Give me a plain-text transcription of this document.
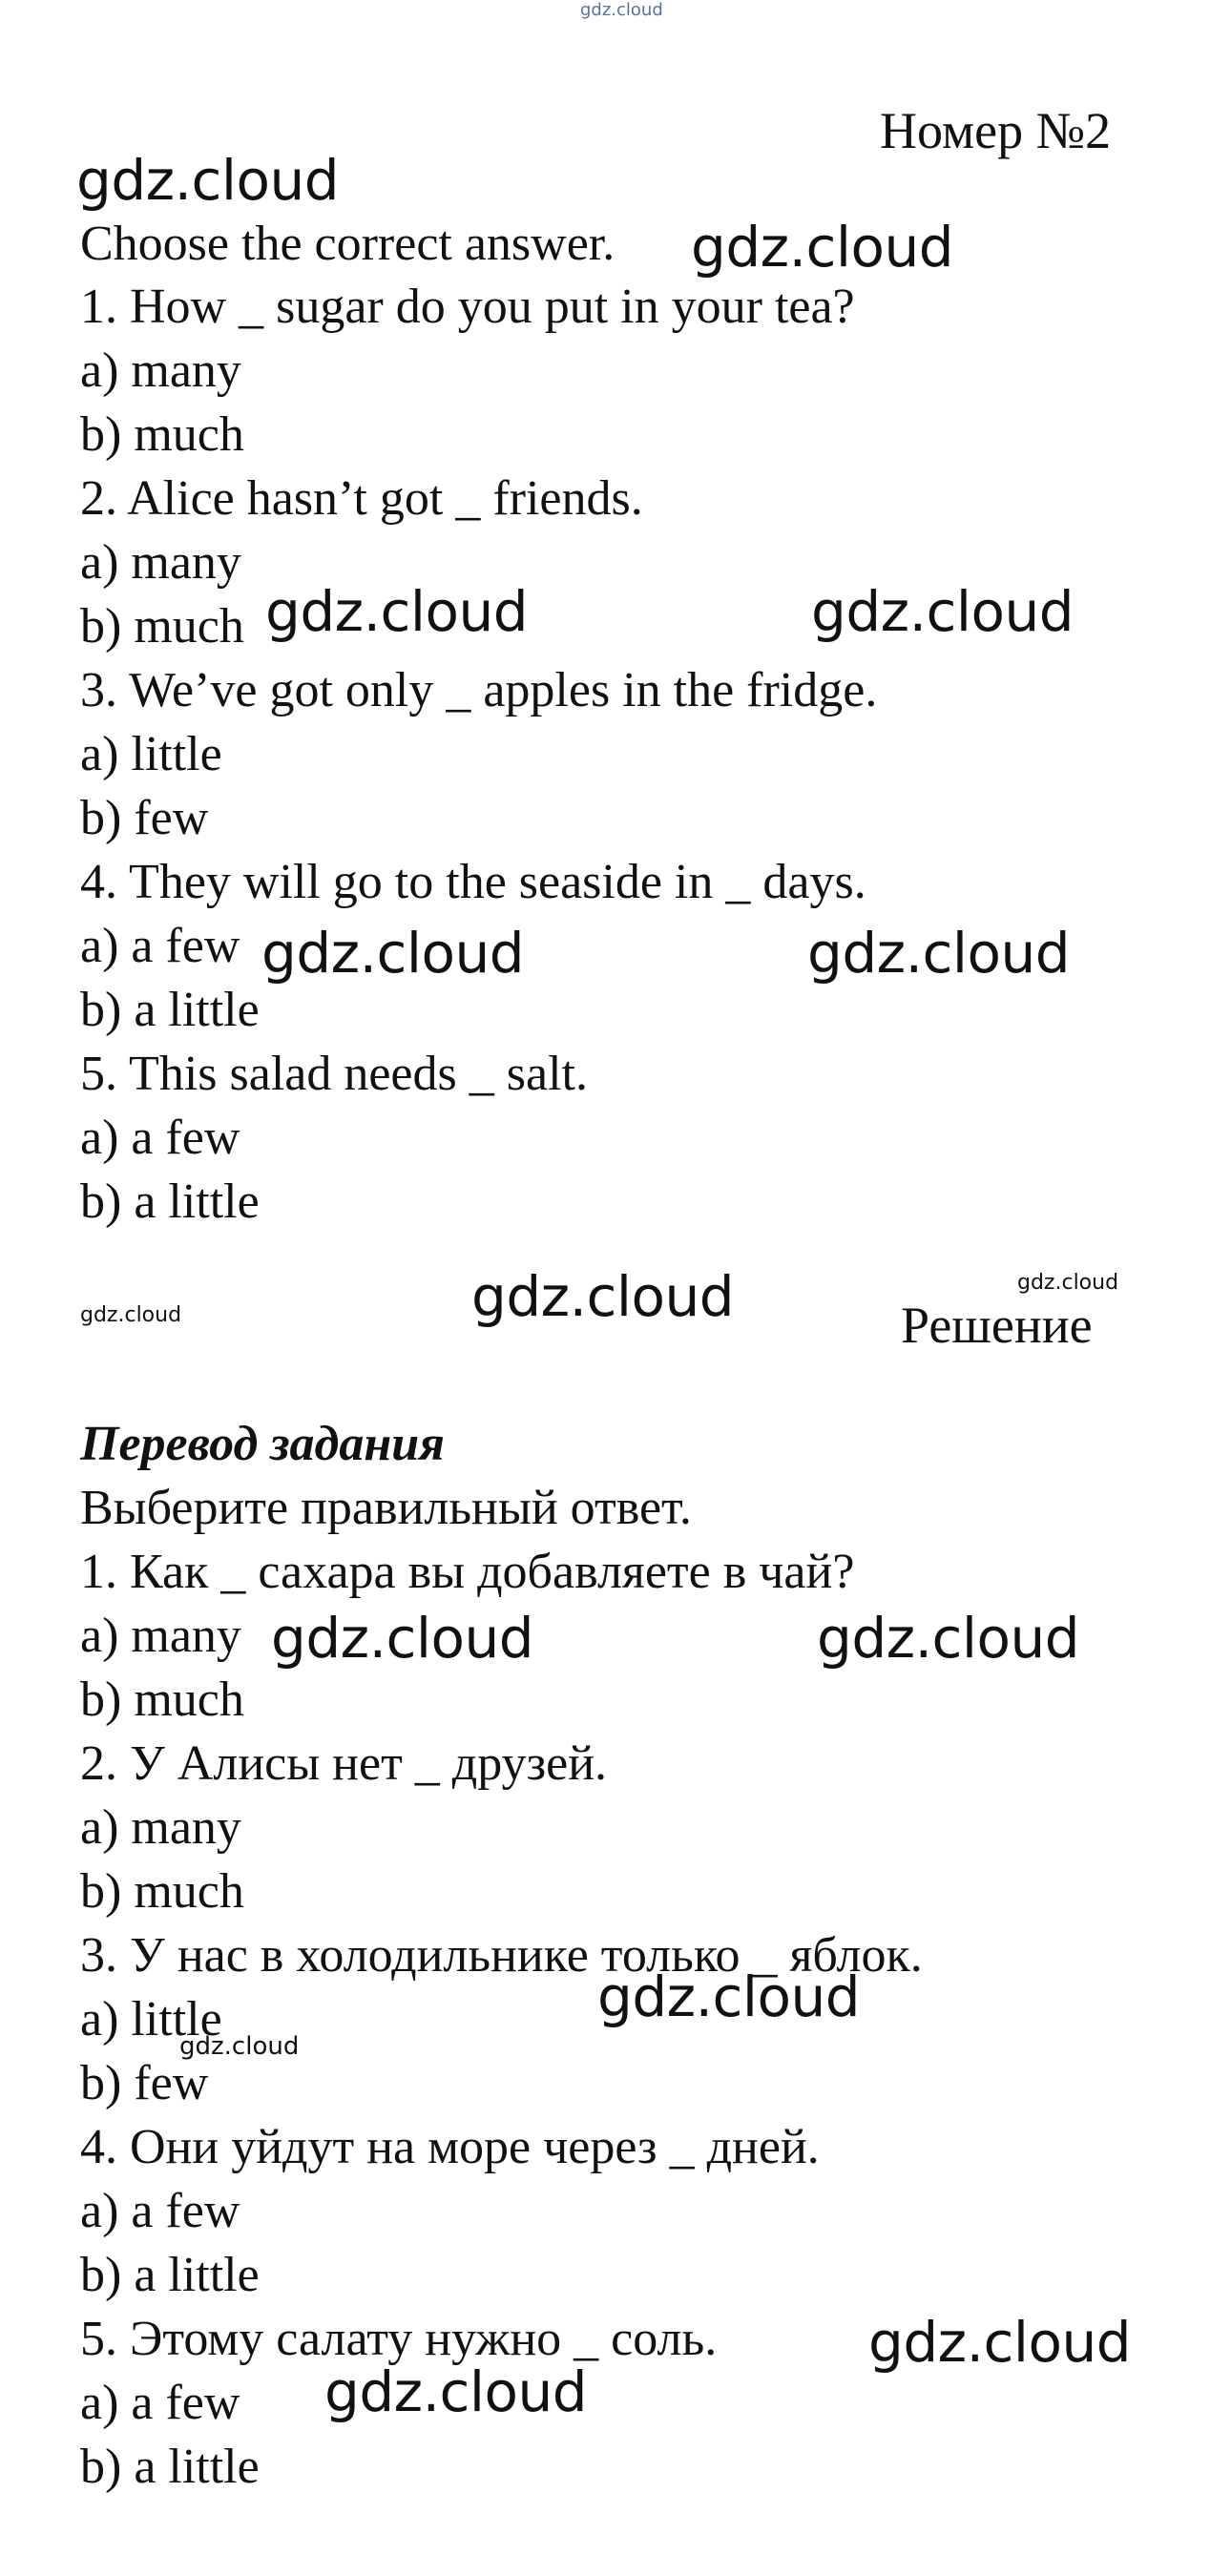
gdz.cloud
Номер №2
gdz.cloud
gdz.cloud
gdz.cloud	gdz.cloud
gdz.cloud	gdz.cloud
Choose the correct answer.
1. How _ sugar do you put in your tea?
a) many
b) much
2. Alice hasn’t got _ friends.
a) many
b) much
3. We’ve got only _ apples in the fridge.
a) little
b) few
4. They will go to the seaside in _ days.
a) a few
b) a little
5. This salad needs _ salt.
a) a few
b) a little
gdz.cloud	gdz.cloud	gdz.cloud
Решение
Перевод задания
Выберите правильный ответ.
1. Как _ сахара вы добавляете в чай?
a) many
b) much
2. У Алисы нет _ друзей.
a) many
b) much
3. У нас в холодильнике только _ яблок.
a) little
b) few
4. Они уйдут на море через _ дней.
a) a few
b) a little
5. Этому салату нужно _ соль.
a) a few
b) a little
gdz.cloud	gdz.cloud
gdz.cloud
gdz.cloud
gdz.cloud
gdz.cloud
